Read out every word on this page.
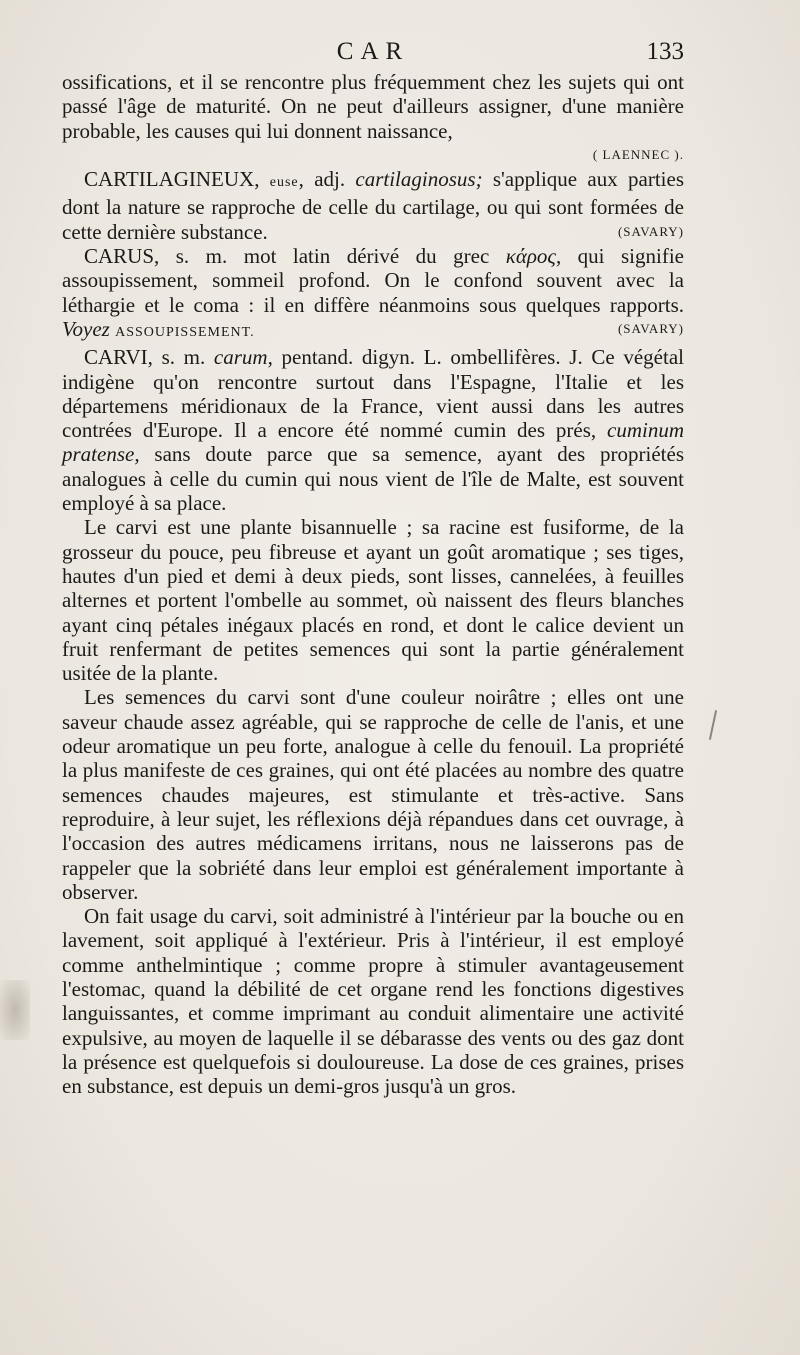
CAR	133

ossifications, et il se rencontre plus fréquemment chez les sujets qui ont passé l'âge de maturité. On ne peut d'ailleurs assigner, d'une manière probable, les causes qui lui donnent naissance,

( LAENNEC ).

CARTILAGINEUX, euse, adj. cartilaginosus; s'applique aux parties dont la nature se rapproche de celle du cartilage, ou qui sont formées de cette dernière substance.	(SAVARY)

CARUS, s. m. mot latin dérivé du grec κάρος, qui signifie assoupissement, sommeil profond. On le confond souvent avec la léthargie et le coma : il en diffère néanmoins sous quelques rapports. Voyez ASSOUPISSEMENT.	(SAVARY)

CARVI, s. m. carum, pentand. digyn. L. ombellifères. J. Ce végétal indigène qu'on rencontre surtout dans l'Espagne, l'Italie et les départemens méridionaux de la France, vient aussi dans les autres contrées d'Europe. Il a encore été nommé cumin des prés, cuminum pratense, sans doute parce que sa semence, ayant des propriétés analogues à celle du cumin qui nous vient de l'île de Malte, est souvent employé à sa place.

Le carvi est une plante bisannuelle ; sa racine est fusiforme, de la grosseur du pouce, peu fibreuse et ayant un goût aromatique ; ses tiges, hautes d'un pied et demi à deux pieds, sont lisses, cannelées, à feuilles alternes et portent l'ombelle au sommet, où naissent des fleurs blanches ayant cinq pétales inégaux placés en rond, et dont le calice devient un fruit renfermant de petites semences qui sont la partie généralement usitée de la plante.

Les semences du carvi sont d'une couleur noirâtre ; elles ont une saveur chaude assez agréable, qui se rapproche de celle de l'anis, et une odeur aromatique un peu forte, analogue à celle du fenouil. La propriété la plus manifeste de ces graines, qui ont été placées au nombre des quatre semences chaudes majeures, est stimulante et très-active. Sans reproduire, à leur sujet, les réflexions déjà répandues dans cet ouvrage, à l'occasion des autres médicamens irritans, nous ne laisserons pas de rappeler que la sobriété dans leur emploi est généralement importante à observer.

On fait usage du carvi, soit administré à l'intérieur par la bouche ou en lavement, soit appliqué à l'extérieur. Pris à l'intérieur, il est employé comme anthelmintique ; comme propre à stimuler avantageusement l'estomac, quand la débilité de cet organe rend les fonctions digestives languissantes, et comme imprimant au conduit alimentaire une activité expulsive, au moyen de laquelle il se débarasse des vents ou des gaz dont la présence est quelquefois si douloureuse. La dose de ces graines, prises en substance, est depuis un demi-gros jusqu'à un gros.
